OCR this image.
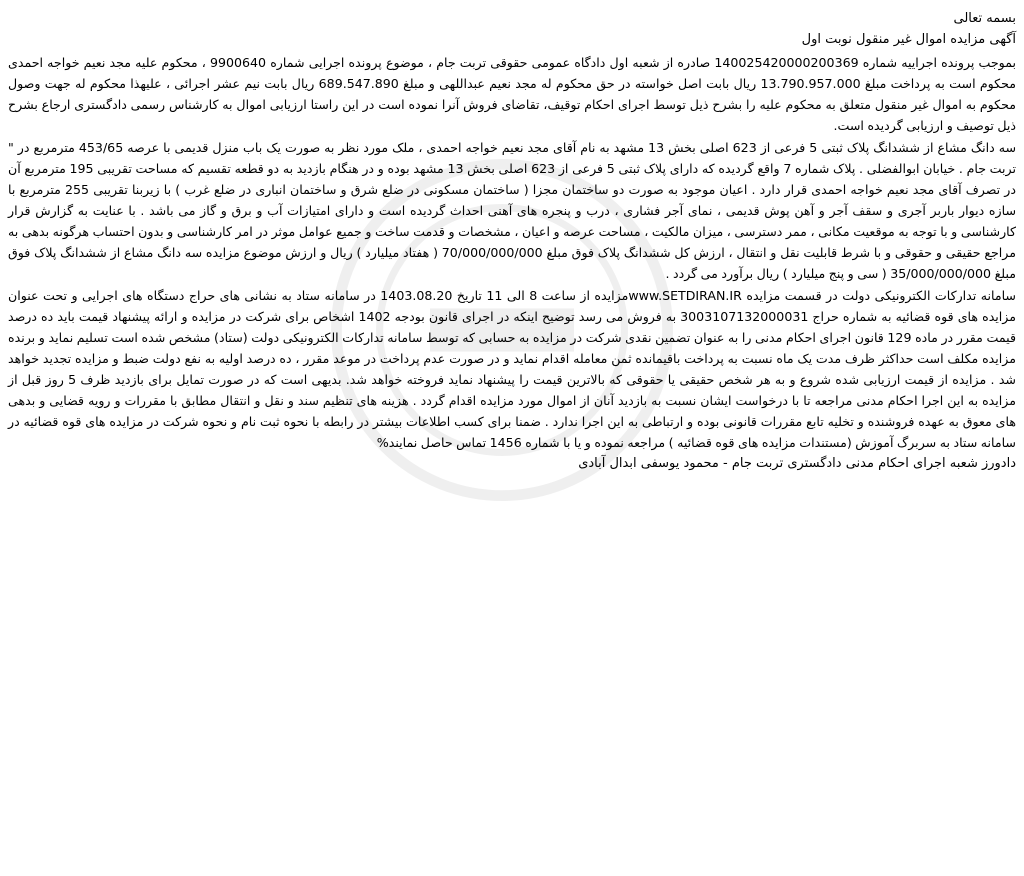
بسمه تعالی

آگهی مزایده اموال غیر منقول نوبت اول

بموجب پرونده اجراییه شماره 140025420000200369 صادره از شعبه اول دادگاه عمومی حقوقی تربت جام ، موضوع پرونده اجرایی شماره 9900640 ، محکوم علیه مجد نعیم خواجه احمدی محکوم است به پرداخت مبلغ 13.790.957.000 ریال بابت اصل خواسته در حق محکوم له مجد نعیم عبداللهی و مبلغ 689.547.890 ریال بابت نیم عشر اجرائی ، علیهذا محکوم له جهت وصول محکوم به اموال غیر منقول متعلق به محکوم علیه را بشرح ذیل توسط اجرای احکام توقیف، تقاضای فروش آنرا نموده است در این راستا ارزیابی اموال به کارشناس رسمی دادگستری ارجاع بشرح ذیل توصیف و ارزیابی گردیده است.

سه دانگ مشاع از ششدانگ پلاک ثبتی 5 فرعی از 623 اصلی بخش 13 مشهد به نام آقای مجد نعیم خواجه احمدی ، ملک مورد نظر به صورت یک باب منزل قدیمی با عرصه 453/65 مترمربع در " تربت جام . خیابان ابوالفضلی . پلاک شماره 7 واقع گردیده که دارای پلاک ثبتی 5 فرعی از 623 اصلی بخش 13 مشهد بوده و در هنگام بازدید به دو قطعه تقسیم که مساحت تقریبی 195 مترمربع آن در تصرف آقای مجد نعیم خواجه احمدی قرار دارد . اعیان موجود به صورت دو ساختمان مجزا ( ساختمان مسکونی در ضلع شرق و ساختمان انباری در ضلع غرب ) با زیربنا تقریبی 255 مترمربع با سازه دیوار باربر آجری و سقف آجر و آهن پوش قدیمی ، نمای آجر فشاری ، درب و پنجره های آهنی احداث گردیده است و دارای امتیازات آب و برق و گاز می باشد . با عنایت به گزارش قرار کارشناسی و با توجه به موقعیت مکانی ، ممر دسترسی ، میزان مالکیت ، مساحت عرصه و اعیان ، مشخصات و قدمت ساخت و جمیع عوامل موثر در امر کارشناسی و بدون احتساب هرگونه بدهی به مراجع حقیقی و حقوقی و با شرط قابلیت نقل و انتقال ، ارزش کل ششدانگ پلاک فوق مبلغ 70/000/000/000 ( هفتاد میلیارد ) ریال و ارزش موضوع مزایده سه دانگ مشاع از ششدانگ پلاک فوق مبلغ 35/000/000/000 ( سی و پنج میلیارد ) ریال برآورد می گردد .

سامانه تدارکات الکترونیکی دولت در قسمت مزایده www.SETDIRAN.IRمزایده از ساعت 8 الی 11 تاریخ 1403.08.20 در سامانه ستاد به نشانی های حراج دستگاه های اجرایی و تحت عنوان مزایده های قوه قضائیه به شماره حراج 3003107132000031 به فروش می رسد توضیح اینکه در اجرای قانون بودجه 1402 اشخاص برای شرکت در مزایده و ارائه پیشنهاد قیمت باید ده درصد قیمت مقرر در ماده 129 قانون اجرای احکام مدنی را به عنوان تضمین نقدی شرکت در مزایده به حسابی که توسط سامانه تدارکات الکترونیکی دولت (ستاد) مشخص شده است تسلیم نماید و برنده مزایده مکلف است حداکثر ظرف مدت یک ماه نسبت به پرداخت باقیمانده ثمن معامله اقدام نماید و در صورت عدم پرداخت در موعد مقرر ، ده درصد اولیه به نفع دولت ضبط و مزایده تجدید خواهد شد . مزایده از قیمت ارزیابی شده شروع و به هر شخص حقیقی یا حقوقی که بالاترین قیمت را پیشنهاد نماید فروخته خواهد شد. بدیهی است که در صورت تمایل برای بازدید ظرف 5 روز قبل از مزایده به این اجرا احکام مدنی مراجعه تا با درخواست ایشان نسبت به بازدید آنان از اموال مورد مزایده اقدام گردد . هزینه های تنظیم سند و نقل و انتقال مطابق با مقررات و رویه قضایی و بدهی های معوق به عهده فروشنده و تخلیه تابع مقررات قانونی بوده و ارتباطی به این اجرا ندارد . ضمنا برای کسب اطلاعات بیشتر در رابطه با نحوه ثبت نام و نحوه شرکت در مزایده های قوه قضائیه در سامانه ستاد به سربرگ آموزش (مستندات مزایده های قوه قضائیه ) مراجعه نموده و یا با شماره 1456 تماس حاصل نمایند%

دادورز شعبه اجرای احکام مدنی دادگستری تربت جام - محمود یوسفی ابدال آبادی
